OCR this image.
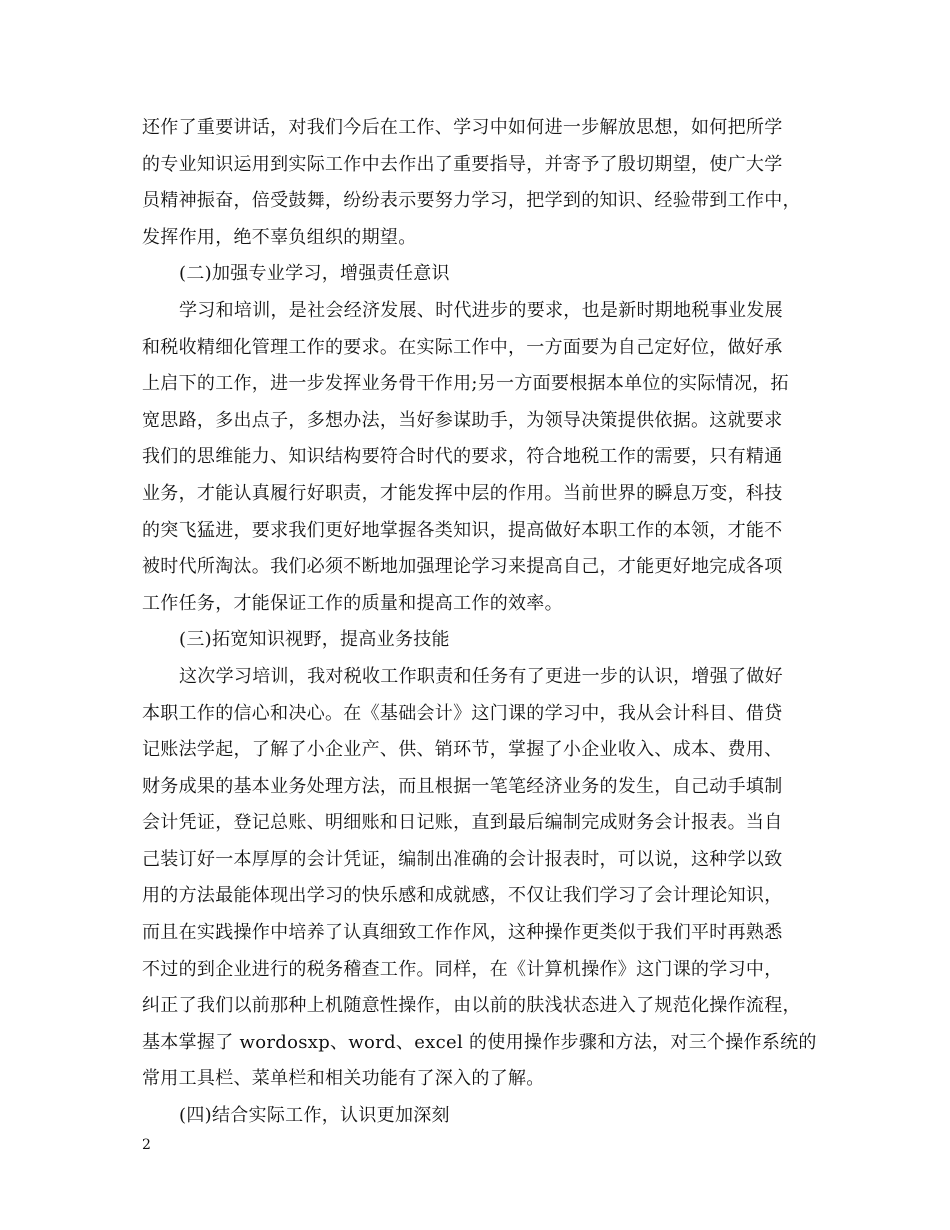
还作了重要讲话，对我们今后在工作、学习中如何进一步解放思想，如何把所学
的专业知识运用到实际工作中去作出了重要指导，并寄予了殷切期望，使广大学
员精神振奋，倍受鼓舞，纷纷表示要努力学习，把学到的知识、经验带到工作中，
发挥作用，绝不辜负组织的期望。
(二)加强专业学习，增强责任意识
学习和培训，是社会经济发展、时代进步的要求，也是新时期地税事业发展
和税收精细化管理工作的要求。在实际工作中，一方面要为自己定好位，做好承
上启下的工作，进一步发挥业务骨干作用;另一方面要根据本单位的实际情况，拓
宽思路，多出点子，多想办法，当好参谋助手，为领导决策提供依据。这就要求
我们的思维能力、知识结构要符合时代的要求，符合地税工作的需要，只有精通
业务，才能认真履行好职责，才能发挥中层的作用。当前世界的瞬息万变，科技
的突飞猛进，要求我们更好地掌握各类知识，提高做好本职工作的本领，才能不
被时代所淘汰。我们必须不断地加强理论学习来提高自己，才能更好地完成各项
工作任务，才能保证工作的质量和提高工作的效率。
(三)拓宽知识视野，提高业务技能
这次学习培训，我对税收工作职责和任务有了更进一步的认识，增强了做好
本职工作的信心和决心。在《基础会计》这门课的学习中，我从会计科目、借贷
记账法学起，了解了小企业产、供、销环节，掌握了小企业收入、成本、费用、
财务成果的基本业务处理方法，而且根据一笔笔经济业务的发生，自己动手填制
会计凭证，登记总账、明细账和日记账，直到最后编制完成财务会计报表。当自
己装订好一本厚厚的会计凭证，编制出准确的会计报表时，可以说，这种学以致
用的方法最能体现出学习的快乐感和成就感，不仅让我们学习了会计理论知识，
而且在实践操作中培养了认真细致工作作风，这种操作更类似于我们平时再熟悉
不过的到企业进行的税务稽查工作。同样，在《计算机操作》这门课的学习中，
纠正了我们以前那种上机随意性操作，由以前的肤浅状态进入了规范化操作流程，
基本掌握了 wordosxp、word、excel 的使用操作步骤和方法，对三个操作系统的
常用工具栏、菜单栏和相关功能有了深入的了解。
(四)结合实际工作，认识更加深刻
2
